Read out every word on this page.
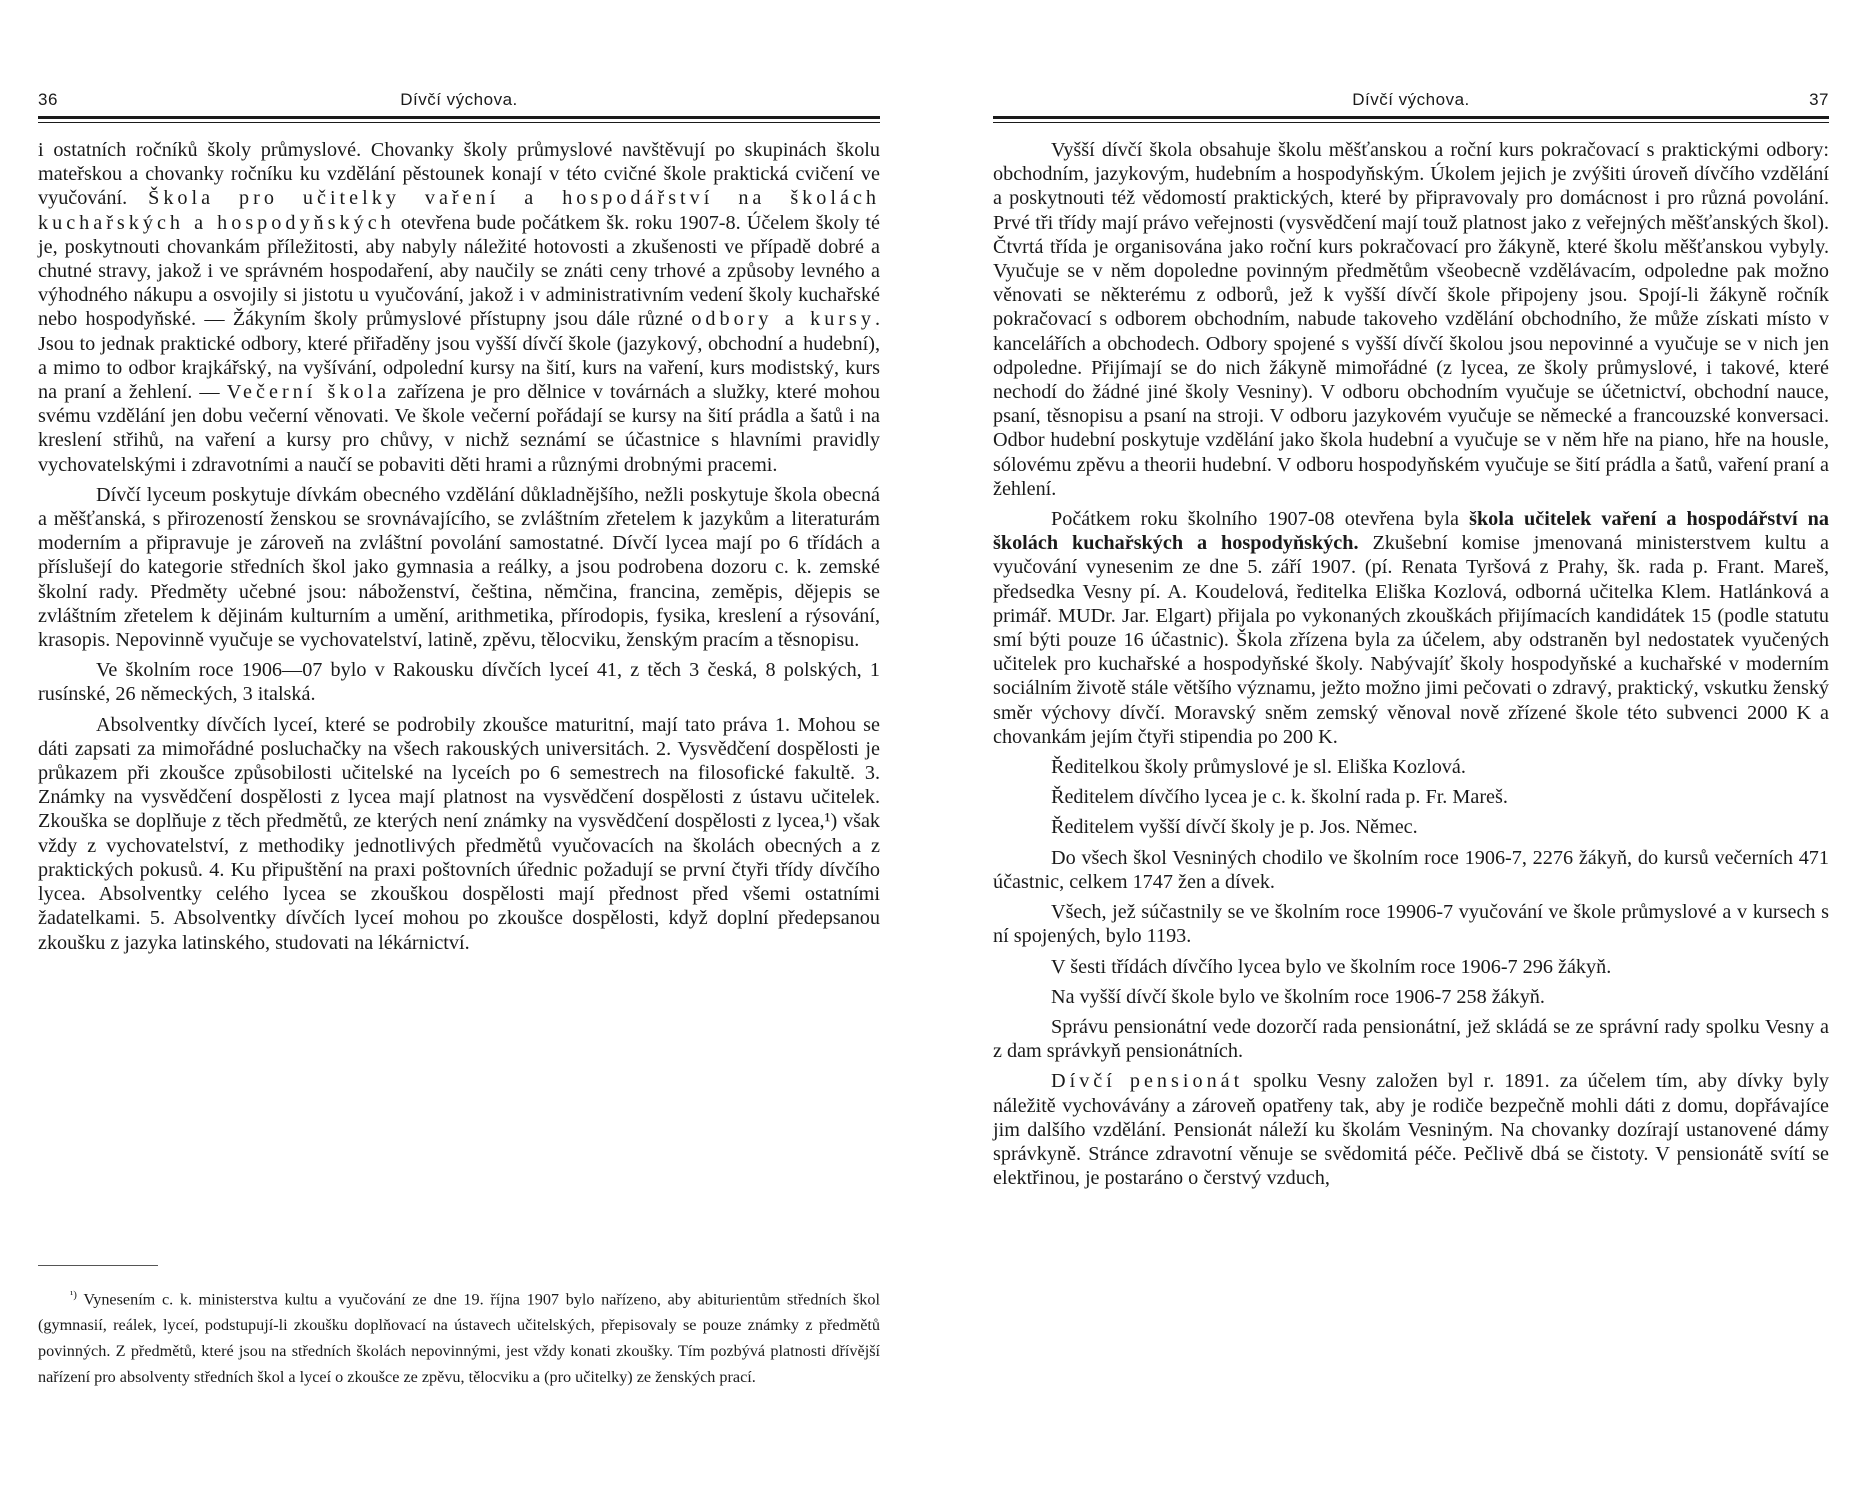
36	Dívčí výchova.

i ostatních ročníků školy průmyslové. Chovanky školy průmyslové navštěvují po skupinách školu mateřskou a chovanky ročníku ku vzdělání pěstounek konají v této cvičné škole praktická cvičení ve vyučování. Škola pro učitelky vaření a hospodářství na školách kuchařských a hospodyňských otevřena bude počátkem šk. roku 1907-8. Účelem školy té je, poskytnouti chovankám příležitosti, aby nabyly náležité hotovosti a zkušenosti ve případě dobré a chutné stravy, jakož i ve správném hospodaření, aby naučily se znáti ceny trhové a způsoby levného a výhodného nákupu a osvojily si jistotu u vyučování, jakož i v administrativním vedení školy kuchařské nebo hospodyňské. — Žákyním školy průmyslové přístupny jsou dále různé odbory a kursy. Jsou to jednak praktické odbory, které přiřaděny jsou vyšší dívčí škole (jazykový, obchodní a hudební), a mimo to odbor krajkářský, na vyšívání, odpolední kursy na šití, kurs na vaření, kurs modistský, kurs na praní a žehlení. — Večerní škola zařízena je pro dělnice v továrnách a služky, které mohou svému vzdělání jen dobu večerní věnovati. Ve škole večerní pořádají se kursy na šití prádla a šatů i na kreslení střihů, na vaření a kursy pro chůvy, v nichž seznámí se účastnice s hlavními pravidly vychovatelskými i zdravotními a naučí se pobaviti děti hrami a různými drobnými pracemi.

Dívčí lyceum poskytuje dívkám obecného vzdělání důkladnějšího, nežli poskytuje škola obecná a měšťanská, s přirozeností ženskou se srovnávajícího, se zvláštním zřetelem k jazykům a literaturám moderním a připravuje je zároveň na zvláštní povolání samostatné. Dívčí lycea mají po 6 třídách a příslušejí do kategorie středních škol jako gymnasia a reálky, a jsou podrobena dozoru c. k. zemské školní rady. Předměty učebné jsou: náboženství, čeština, němčina, francina, zeměpis, dějepis se zvláštním zřetelem k dějinám kulturním a umění, arithmetika, přírodopis, fysika, kreslení a rýsování, krasopis. Nepovinně vyučuje se vychovatelství, latině, zpěvu, tělocviku, ženským pracím a těsnopisu.

Ve školním roce 1906—07 bylo v Rakousku dívčích lyceí 41, z těch 3 česká, 8 polských, 1 rusínské, 26 německých, 3 italská.

Absolventky dívčích lyceí, které se podrobily zkoušce maturitní, mají tato práva 1. Mohou se dáti zapsati za mimořádné posluchačky na všech rakouských universitách. 2. Vysvědčení dospělosti je průkazem při zkoušce způsobilosti učitelské na lyceích po 6 semestrech na filosofické fakultě. 3. Známky na vysvědčení dospělosti z lycea mají platnost na vysvědčení dospělosti z ústavu učitelek. Zkouška se doplňuje z těch předmětů, ze kterých není známky na vysvědčení dospělosti z lycea,¹) však vždy z vychovatelství, z methodiky jednotlivých předmětů vyučovacích na školách obecných a z praktických pokusů. 4. Ku připuštění na praxi poštovních úřednic požadují se první čtyři třídy dívčího lycea. Absolventky celého lycea se zkouškou dospělosti mají přednost před všemi ostatními žadatelkami. 5. Absolventky dívčích lyceí mohou po zkoušce dospělosti, když doplní předepsanou zkoušku z jazyka latinského, studovati na lékárnictví.

$^{^1)}$ Vynesením c. k. ministerstva kultu a vyučování ze dne 19. října 1907 bylo nařízeno, aby abiturientům středních škol (gymnasií, reálek, lyceí, podstupují-li zkoušku doplňovací na ústavech učitelských, přepisovaly se pouze známky z předmětů povinných. Z předmětů, které jsou na středních školách nepovinnými, jest vždy konati zkoušky. Tím pozbývá platnosti dřívější nařízení pro absolventy středních škol a lyceí o zkoušce ze zpěvu, tělocviku a (pro učitelky) ze ženských prací.

Dívčí výchova.	37

Vyšší dívčí škola obsahuje školu měšťanskou a roční kurs pokračovací s praktickými odbory: obchodním, jazykovým, hudebním a hospodyňským. Úkolem jejich je zvýšiti úroveň dívčího vzdělání a poskytnouti též vědomostí praktických, které by připravovaly pro domácnost i pro různá povolání. Prvé tři třídy mají právo veřejnosti (vysvědčení mají touž platnost jako z veřejných měšťanských škol). Čtvrtá třída je organisována jako roční kurs pokračovací pro žákyně, které školu měšťanskou vybyly. Vyučuje se v něm dopoledne povinným předmětům všeobecně vzdělávacím, odpoledne pak možno věnovati se některému z odborů, jež k vyšší dívčí škole připojeny jsou. Spojí-li žákyně ročník pokračovací s odborem obchodním, nabude takoveho vzdělání obchodního, že může získati místo v kancelářích a obchodech. Odbory spojené s vyšší dívčí školou jsou nepovinné a vyučuje se v nich jen odpoledne. Přijímají se do nich žákyně mimořádné (z lycea, ze školy průmyslové, i takové, které nechodí do žádné jiné školy Vesniny). V odboru obchodním vyučuje se účetnictví, obchodní nauce, psaní, těsnopisu a psaní na stroji. V odboru jazykovém vyučuje se německé a francouzské konversaci. Odbor hudební poskytuje vzdělání jako škola hudební a vyučuje se v něm hře na piano, hře na housle, sólovému zpěvu a theorii hudební. V odboru hospodyňském vyučuje se šití prádla a šatů, vaření praní a žehlení.

Počátkem roku školního 1907-08 otevřena byla škola učitelek vaření a hospodářství na školách kuchařských a hospodyňských. Zkušební komise jmenovaná ministerstvem kultu a vyučování vynesenim ze dne 5. září 1907. (pí. Renata Tyršová z Prahy, šk. rada p. Frant. Mareš, předsedka Vesny pí. A. Koudelová, ředitelka Eliška Kozlová, odborná učitelka Klem. Hatlánková a primář. MUDr. Jar. Elgart) přijala po vykonaných zkouškách přijímacích kandidátek 15 (podle statutu smí býti pouze 16 účastnic). Škola zřízena byla za účelem, aby odstraněn byl nedostatek vyučených učitelek pro kuchařské a hospodyňské školy. Nabývajíť školy hospodyňské a kuchařské v moderním sociálním životě stále většího významu, ježto možno jimi pečovati o zdravý, praktický, vskutku ženský směr výchovy dívčí. Moravský sněm zemský věnoval nově zřízené škole této subvenci 2000 K a chovankám jejím čtyři stipendia po 200 K.

Ředitelkou školy průmyslové je sl. Eliška Kozlová.

Ředitelem dívčího lycea je c. k. školní rada p. Fr. Mareš.

Ředitelem vyšší dívčí školy je p. Jos. Němec.

Do všech škol Vesniných chodilo ve školním roce 1906-7, 2276 žákyň, do kursů večerních 471 účastnic, celkem 1747 žen a dívek.

Všech, jež súčastnily se ve školním roce 19906-7 vyučování ve škole průmyslové a v kursech s ní spojených, bylo 1193.

V šesti třídách dívčího lycea bylo ve školním roce 1906-7 296 žákyň.

Na vyšší dívčí škole bylo ve školním roce 1906-7 258 žákyň.

Správu pensionátní vede dozorčí rada pensionátní, jež skládá se ze správní rady spolku Vesny a z dam správkyň pensionátních.

Dívčí pensionát spolku Vesny založen byl r. 1891. za účelem tím, aby dívky byly náležitě vychovávány a zároveň opatřeny tak, aby je rodiče bezpečně mohli dáti z domu, dopřávajíce jim dalšího vzdělání. Pensionát náleží ku školám Vesniným. Na chovanky dozírají ustanovené dámy správkyně. Stránce zdravotní věnuje se svědomitá péče. Pečlivě dbá se čistoty. V pensionátě svítí se elektřinou, je postaráno o čerstvý vzduch,
